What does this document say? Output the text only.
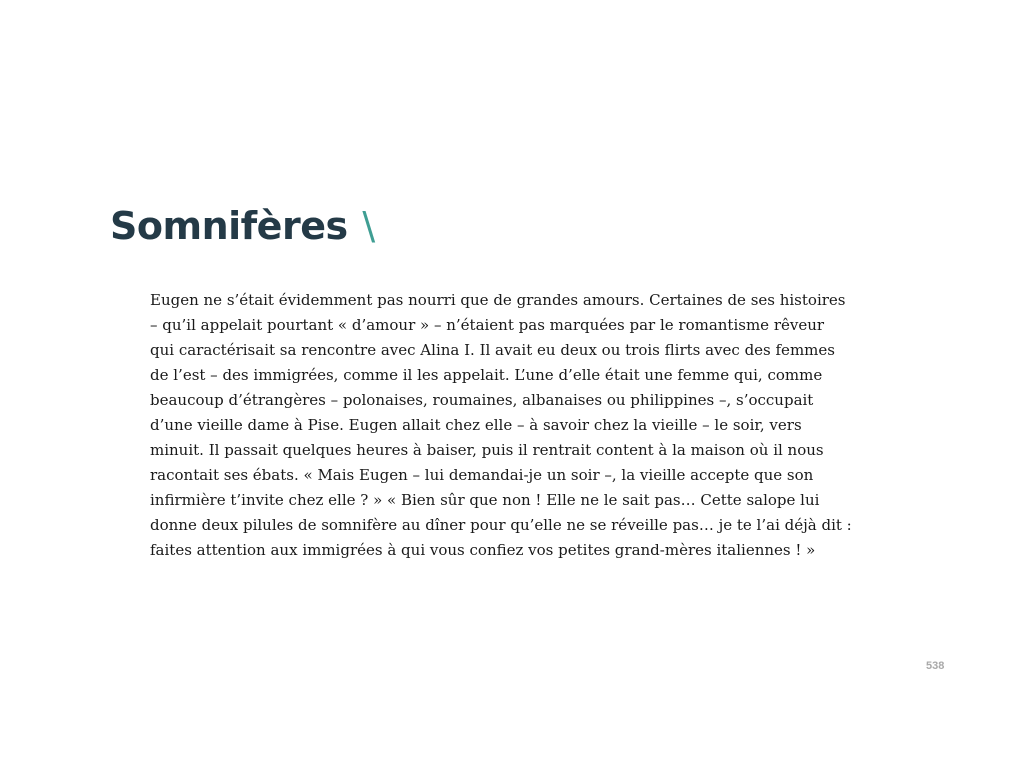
Somnifères \

Eugen ne s’était évidemment pas nourri que de grandes amours. Certaines de ses histoires
– qu’il appelait pourtant « d’amour » – n’étaient pas marquées par le romantisme rêveur
qui caractérisait sa rencontre avec Alina I. Il avait eu deux ou trois flirts avec des femmes
de l’est – des immigrées, comme il les appelait. L’une d’elle était une femme qui, comme
beaucoup d’étrangères – polonaises, roumaines, albanaises ou philippines –, s’occupait
d’une vieille dame à Pise. Eugen allait chez elle – à savoir chez la vieille – le soir, vers
minuit. Il passait quelques heures à baiser, puis il rentrait content à la maison où il nous
racontait ses ébats. « Mais Eugen – lui demandai-je un soir –, la vieille accepte que son
infirmière t’invite chez elle ? » « Bien sûr que non ! Elle ne le sait pas… Cette salope lui
donne deux pilules de somnifère au dîner pour qu’elle ne se réveille pas… je te l’ai déjà dit :
faites attention aux immigrées à qui vous confiez vos petites grand-mères italiennes ! »

538
